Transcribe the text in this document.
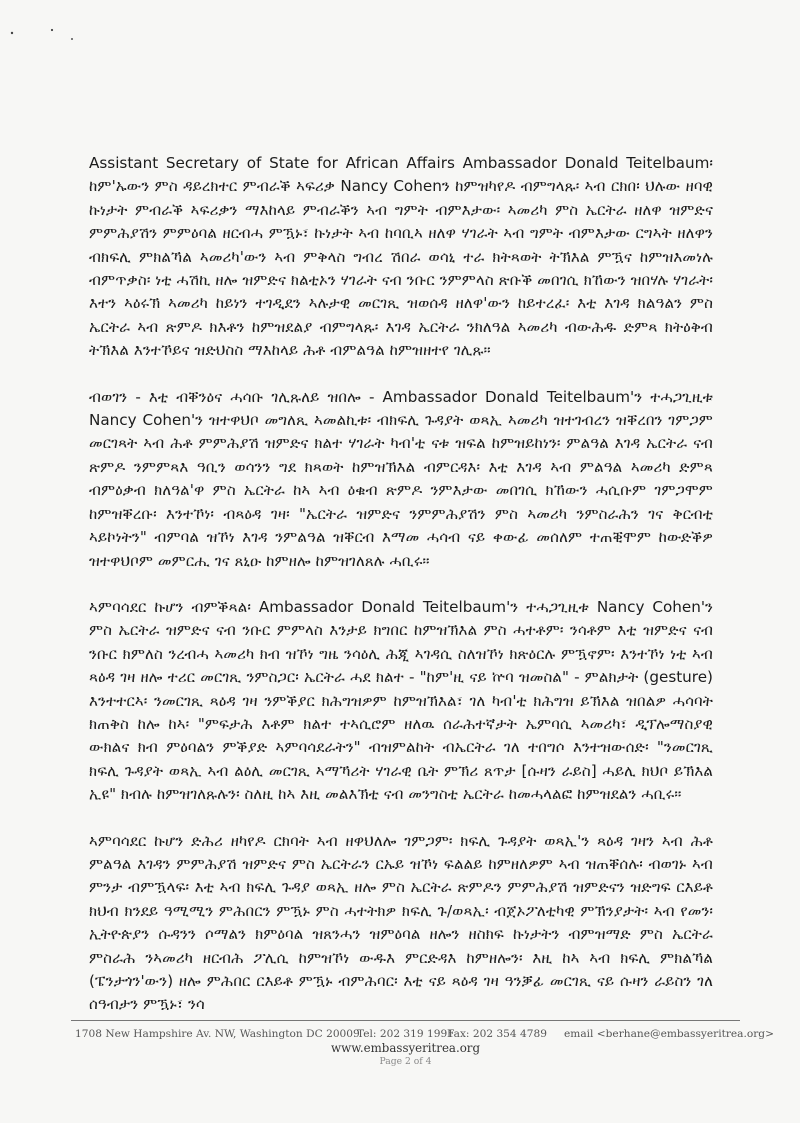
Assistant Secretary of State for African Affairs Ambassador Donald Teitelbaum፡ ከም'ኡውን ምስ ዳይረክተር ምብራቕ ኣፍሪቃ Nancy Cohenን ከምዝካየዶ ብምግላጹ፡ ኣብ ርክበ፡ ህሉው ዘባዊ ኩነታት ምብራቕ ኣፍሪቃን ማእከላይ ምብራቕን ኣብ ግምት ብምእታው፡ ኣመሪካ ምስ ኤርትራ ዘለዋ ዝምድና ምምሕያሽን ምምዕባል ዘርብሓ ምዃኑ፣ ኩነታት ኣብ ከባቢኣ ዘለዋ ሃገራት ኣብ ግምት ብምእታው ርግኣት ዘለዋን ብክፍሊ ምክልኻል ኣመሪካ'ውን ኣብ ምቅላስ ግብረ ሽበራ ወሳኒ ተራ ክትጻወት ትኽእል ምዃና ከምዝእመነሉ ብምጥቃስ፡ ነቲ ሓሽኪ ዘሎ ዝምድና ክልቲኦን ሃገራት ናብ ንቡር ንምምላስ ጽቡቕ መበገሲ ክኸውን ዝበሃሉ ሃገራት፡ እተን ኣዕሩኽ ኣመሪካ ከይነን ተገዲደን ኣሉታዊ መርገጺ ዝወሰዳ ዘለዋ'ውን ከይተረፈ፡ እቲ እገዳ ክልዓልን ምስ ኤርትራ ኣብ ጽምዶ ክእቶን ከምዝደልያ ብምግላጹ፡ እገዳ ኤርትራ ንክለዓል ኣመሪካ ብውሕዱ ድምጻ ክትዕቅብ ትኽእል እንተኾይና ዝድህስስ ማእከላይ ሕቶ ብምልዓል ከምዝዘተየ ገሊጹ።

ብወገን - እቲ ብቐንዕና ሓሳቡ ገሊጹለይ ዝበሎ - Ambassador Donald Teitelbaum'ን ተሓጋጊዚቱ Nancy Cohen'ን ዝተዋህቦ መግለጺ ኣመልኪቱ፡ ብክፍሊ ጉዳያት ወጻኢ ኣመሪካ ዝተገብረን ዝቐረበን ገምጋም መርገጻት ኣብ ሕቶ ምምሕያሽ ዝምድና ክልተ ሃገራት ካብ'ቲ ናቱ ዝፍል ከምዝይከነን፡ ምልዓል እገዳ ኤርትራ ናብ ጽምዶ ንምምጻእ ዓቢን ወሳንን ግደ ክጻወት ከምዝኽእል ብምርዳእ፡ እቲ እገዳ ኣብ ምልዓል ኣመሪካ ድምጻ ብምዕቃብ ክለዓል'ዋ ምስ ኤርትራ ከኣ ኣብ ዕቁብ ጽምዶ ንምእታው መበገሲ ክኸውን ሓሲቡም ገምጋሞም ከምዝቐረቡ፡ እንተኾነ፡ ብጻዕዳ ገዛ፡ "ኤርትራ ዝምድና ንምምሕያሽን ምስ ኣመሪካ ንምስራሕን ገና ቅርብቲ ኣይኮነትን" ብምባል ዝኾነ እገዳ ንምልዓል ዝቐርብ እማመ ሓሳብ ናይ ቀውፊ መሰለም ተጠቒሞም ከውድቕዎ ዝተዋህቦም መምርሒ ገና ጸኒዑ ከምዘሎ ከምዝገለጸሉ ሓቢሩ።

ኣምባሳደር ኩሆን ብምቕጻል፡ Ambassador Donald Teitelbaum'ን ተሓጋጊዚቱ Nancy Cohen'ን ምስ ኤርትራ ዝምድና ናብ ንቡር ምምላስ እንታይ ክግበር ከምዝኽእል ምስ ሓተቶም፡ ንሳቶም እቲ ዝምድና ናብ ንቡር ክምለስ ንረብሓ ኣመሪካ ክብ ዝኾነ ግዜ ንሳዕሊ ሕጂ ኣገዳሲ ስለዝኾነ ክጽዕርሉ ምዃኖም፡ እንተኾነ ነቲ ኣብ ጻዕዳ ገዛ ዘሎ ተሪር መርገጺ ንምስጋር፡ ኤርትራ ሓደ ክልተ - "ከም'ዚ ናይ ኵባ ዝመስል" - ምልክታት (gesture) እንተተርኣ፡ ንመርገጺ ጻዕዳ ገዛ ንምቕያር ክሕግዝዎም ከምዝኽእል፣ ገለ ካብ'ቲ ክሕግዝ ይኽእል ዝበልዎ ሓሳባት ክጠቅስ ከሎ ከኣ፡ "ምፍታሕ እቶም ክልተ ተኣሲሮም ዘለዉ ሰራሕተኛታት ኤምባሲ ኣመሪካ፣ ዲፕሎማስያዊ ውክልና ክብ ምዕባልን ምቕያድ ኣምባሳደራትን" ብዝምልከት ብኤርትራ ገለ ተበግሶ እንተዝውሰድ፡ "ንመርገጺ ክፍሊ ጉዳያት ወጻኢ ኣብ ልዕሊ መርገጺ ኣማኻሪት ሃገራዊ ቤት ምኽሪ ጸጥታ [ሱዛን ራይስ] ሓይሊ ክህቦ ይኽእል ኢዩ" ክብሉ ከምዝገለጹሉን፡ ስለዚ ከኣ እዚ መልእኽቲ ናብ መንግስቲ ኤርትራ ከመሓላልፎ ከምዝደልን ሓቢሩ።

ኣምባሳደር ኩሆን ድሕሪ ዘካየዶ ርክባት ኣብ ዘዋህለሎ ገምጋም፡ ክፍሊ ጉዳያት ወጻኢ'ን ጻዕዳ ገዛን ኣብ ሕቶ ምልዓል እገዳን ምምሕያሽ ዝምድና ምስ ኤርትራን ርኡይ ዝኾነ ፍልልይ ከምዘለዎም ኣብ ዝጠቐሰሉ፡ ብወገኑ ኣብ ምንታ ብምዃላፍ፡ እቲ ኣብ ክፍሊ ጉዳያ ወጻኢ ዘሎ ምስ ኤርትራ ጽምዶን ምምሕያሽ ዝምድናን ዝድግፍ ርእይቶ ክህብ ክንደይ ዓሚሚን ምሕበርን ምዃኑ ምስ ሓተትክዎ ክፍሊ ጉ/ወጻኢ፡ ብጀኦፖለቲካዊ ምኽንያታት፡ ኣብ የመን፡ ኢትዮጵያን ሱዳንን ሶማልን ክምዕባል ዝጸንሓን ዝምዕባል ዘሎን ዘስክፍ ኩነታትን ብምዝማድ ምስ ኤርትራ ምስራሕ ንኣመሪካ ዘርብሕ ፖሊሲ ከምዝኾነ ውዱእ ምርድዳእ ከምዘሎን፡ እዚ ከኣ ኣብ ክፍሊ ምክልኻል (ፔንታጎን'ውን) ዘሎ ምሕበር ርእይቶ ምዃኑ ብምሕባር፡ እቲ ናይ ጻዕዳ ገዛ ዓንቓፊ መርገጺ ናይ ሱዛን ራይስን ገለ ሰዓብታን ምዃኑ፣ ንሳ

1708 New Hampshire Av. NW, Washington DC 20009
Tel: 202 319 1991
Fax: 202 354 4789 email <berhane@embassyeritrea.org>
www.embassyeritrea.org
Page 2 of 4
